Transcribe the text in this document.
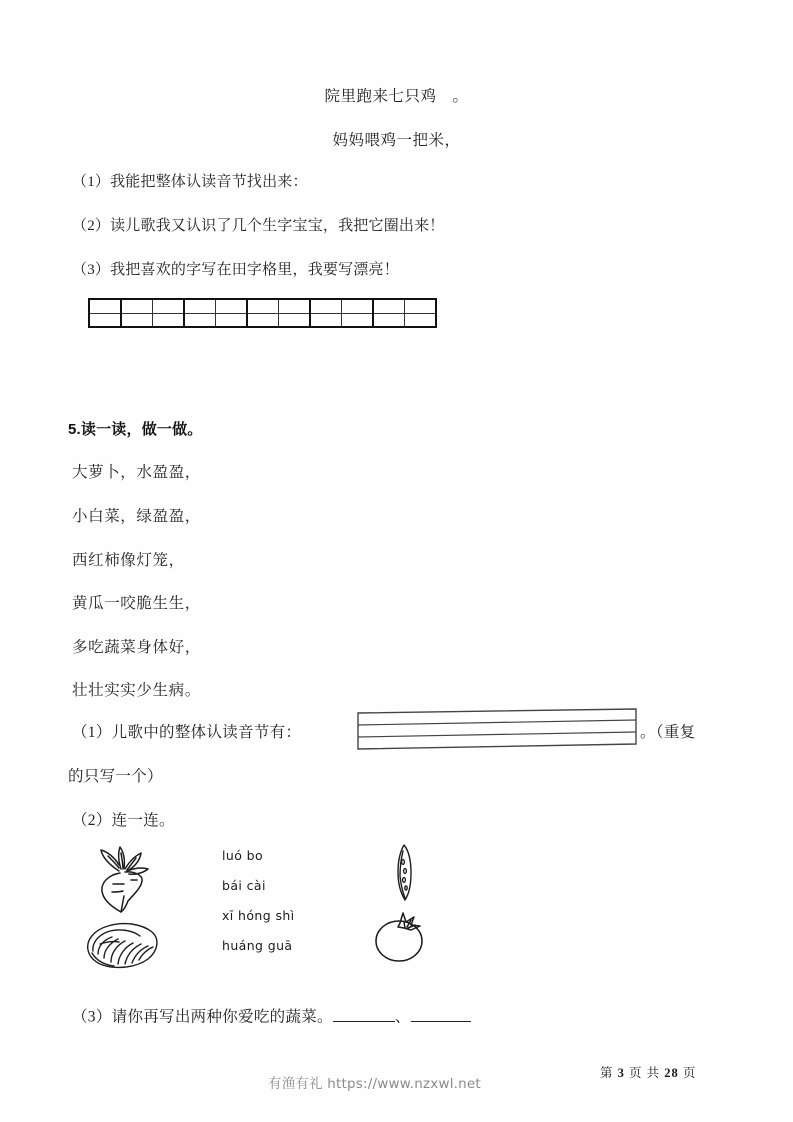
院里跑来七只鸡　。
妈妈喂鸡一把米，
（1）我能把整体认读音节找出来：
（2）读儿歌我又认识了几个生字宝宝，我把它圈出来！
（3）我把喜欢的字写在田字格里，我要写漂亮！
5.读一读，做一做。
大萝卜，水盈盈，
小白菜，绿盈盈，
西红柿像灯笼，
黄瓜一咬脆生生，
多吃蔬菜身体好，
壮壮实实少生病。
（1）儿歌中的整体认读音节有：	。（重复
的只写一个）
（2）连一连。
luó bo
bái cài
xī hóng shì
huáng guā
（3）请你再写出两种你爱吃的蔬菜。	、
有渔有礼 https://www.nzxwl.net
第 3 页 共 28 页
